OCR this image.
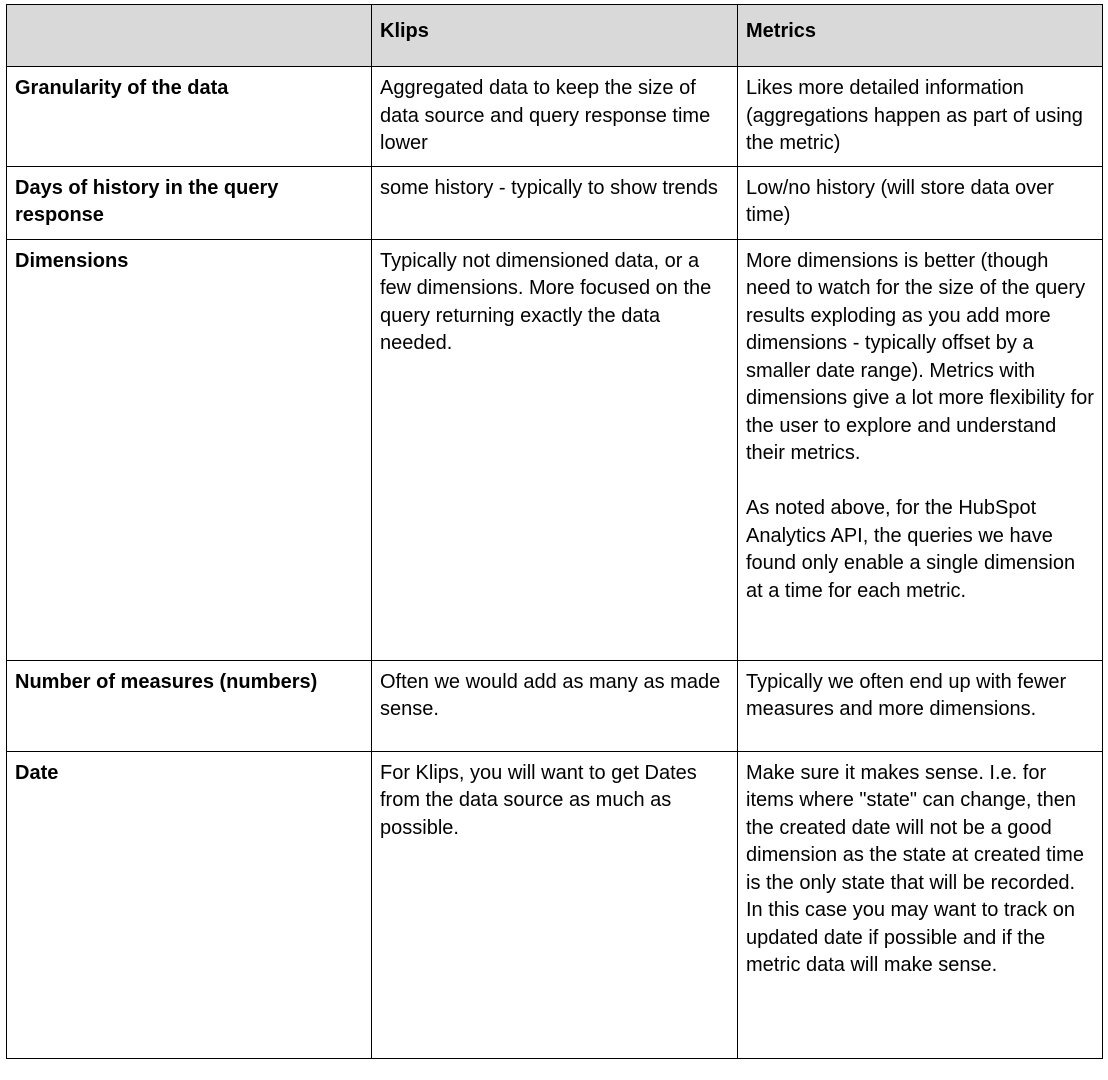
	Klips	Metrics
Granularity of the data	Aggregated data to keep the size of data source and query response time lower	Likes more detailed information (aggregations happen as part of using the metric)

Days of history in the query response	some history - typically to show trends	Low/no history (will store data over time)

Dimensions	Typically not dimensioned data, or a few dimensions. More focused on the query returning exactly the data needed.	More dimensions is better (though need to watch for the size of the query results exploding as you add more dimensions - typically offset by a smaller date range). Metrics with dimensions give a lot more flexibility for the user to explore and understand their metrics.

As noted above, for the HubSpot Analytics API, the queries we have found only enable a single dimension at a time for each metric.

Number of measures (numbers)	Often we would add as many as made sense.	Typically we often end up with fewer measures and more dimensions.

Date	For Klips, you will want to get Dates from the data source as much as possible.	Make sure it makes sense. I.e. for items where "state" can change, then the created date will not be a good dimension as the state at created time is the only state that will be recorded. In this case you may want to track on updated date if possible and if the metric data will make sense.
